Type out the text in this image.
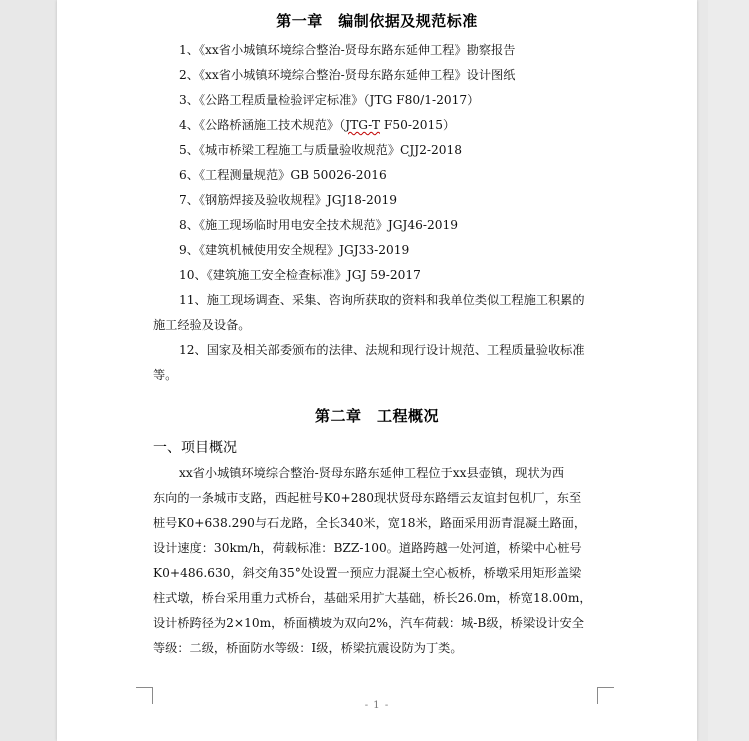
第一章　编制依据及规范标准
1、《xx省小城镇环境综合整治-贤母东路东延伸工程》勘察报告
2、《xx省小城镇环境综合整治-贤母东路东延伸工程》设计图纸
3、《公路工程质量检验评定标准》（JTG F80/1-2017）
4、《公路桥涵施工技术规范》（JTG-T F50-2015）
5、《城市桥梁工程施工与质量验收规范》CJJ2-2018
6、《工程测量规范》GB 50026-2016
7、《钢筋焊接及验收规程》JGJ18-2019
8、《施工现场临时用电安全技术规范》JGJ46-2019
9、《建筑机械使用安全规程》JGJ33-2019
10、《建筑施工安全检查标准》JGJ 59-2017
11、施工现场调查、采集、咨询所获取的资料和我单位类似工程施工积累的
施工经验及设备。
12、国家及相关部委颁布的法律、法规和现行设计规范、工程质量验收标准
等。
第二章　工程概况
一、项目概况
xx省小城镇环境综合整治-贤母东路东延伸工程位于xx县壶镇，现状为西
东向的一条城市支路，西起桩号K0+280现状贤母东路缙云友谊封包机厂，东至
桩号K0+638.290与石龙路，全长340米，宽18米，路面采用沥青混凝土路面，
设计速度：30km/h，荷载标准：BZZ-100。道路跨越一处河道，桥梁中心桩号
K0+486.630，斜交角35°处设置一预应力混凝土空心板桥，桥墩采用矩形盖梁
柱式墩，桥台采用重力式桥台，基础采用扩大基础，桥长26.0m，桥宽18.00m，
设计桥跨径为2×10m，桥面横坡为双向2%，汽车荷载：城-B级，桥梁设计安全
等级：二级，桥面防水等级：I级，桥梁抗震设防为丁类。
- 1 -
